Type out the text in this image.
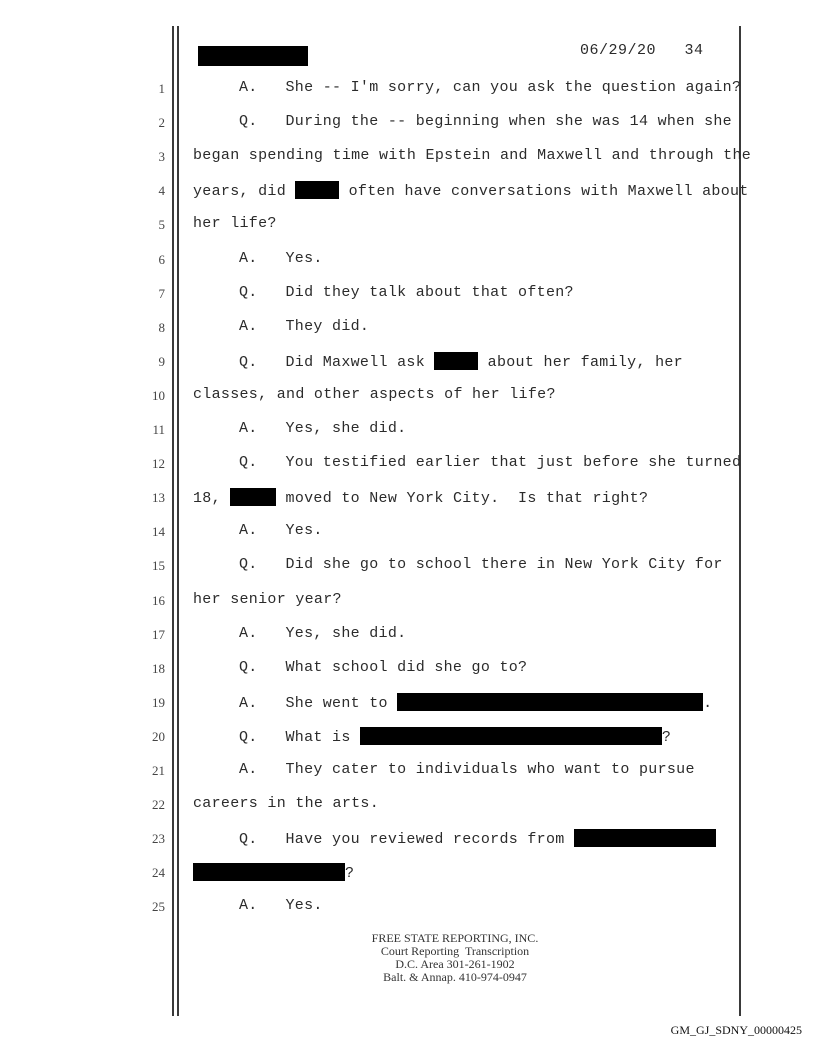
06/29/20   34
1	A.   She -- I'm sorry, can you ask the question again?
2	Q.   During the -- beginning when she was 14 when she
3 began spending time with Epstein and Maxwell and through the
4 years, did	often have conversations with Maxwell about
5 her life?
6	A.   Yes.
7	Q.   Did they talk about that often?
8	A.   They did.
9	Q.   Did Maxwell ask	about her family, her
10 classes, and other aspects of her life?
11	A.   Yes, she did.
12	Q.   You testified earlier that just before she turned
13 18,	moved to New York City.  Is that right?
14	A.   Yes.
15	Q.   Did she go to school there in New York City for
16 her senior year?
17	A.   Yes, she did.
18	Q.   What school did she go to?
19	A.   She went to	.
20	Q.   What is	?
21	A.   They cater to individuals who want to pursue
22 careers in the arts.
23	Q.   Have you reviewed records from
24	?
25	A.   Yes.
FREE STATE REPORTING, INC.
Court Reporting  Transcription
D.C. Area 301-261-1902
Balt. & Annap. 410-974-0947
GM_GJ_SDNY_00000425
